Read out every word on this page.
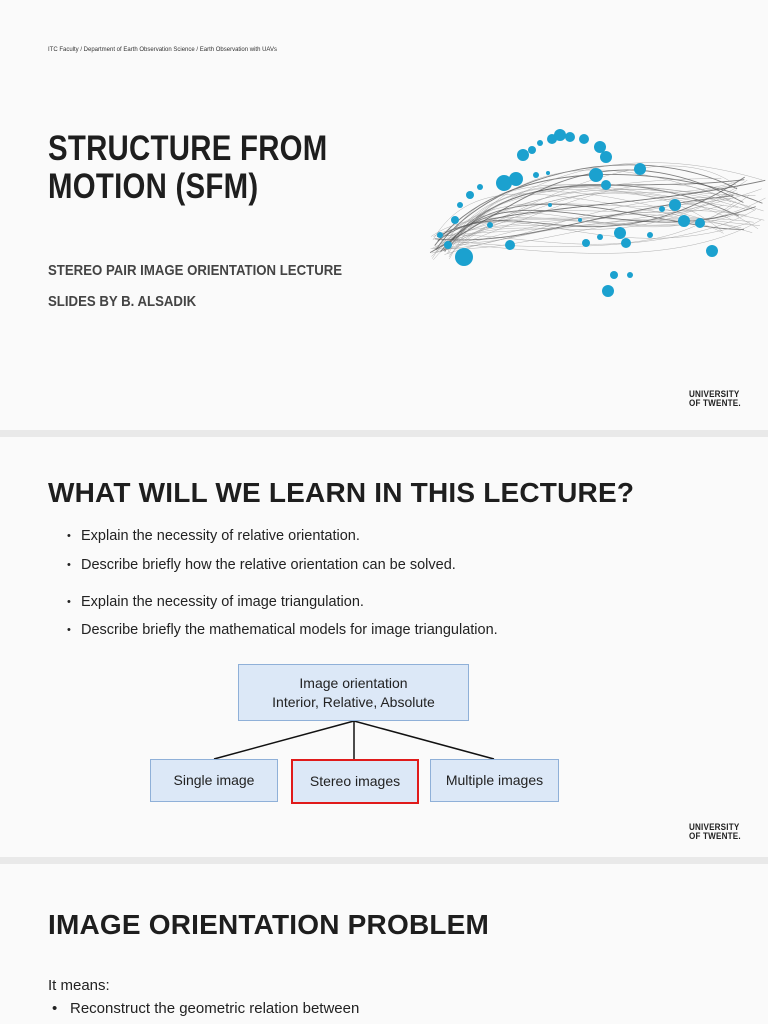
ITC Faculty / Department of Earth Observation Science / Earth Observation with UAVs
STRUCTURE FROM
MOTION (SFM)
STEREO PAIR IMAGE ORIENTATION LECTURE
SLIDES BY B. ALSADIK
UNIVERSITY
OF TWENTE.
WHAT WILL WE LEARN IN THIS LECTURE?
• Explain the necessity of relative orientation.
• Describe briefly how the relative orientation can be solved.
• Explain the necessity of image triangulation.
• Describe briefly the mathematical models for image triangulation.
Image orientation
Interior, Relative, Absolute
Single image	Stereo images	Multiple images
UNIVERSITY
OF TWENTE.
IMAGE ORIENTATION PROBLEM
It means:
• Reconstruct the geometric relation between
